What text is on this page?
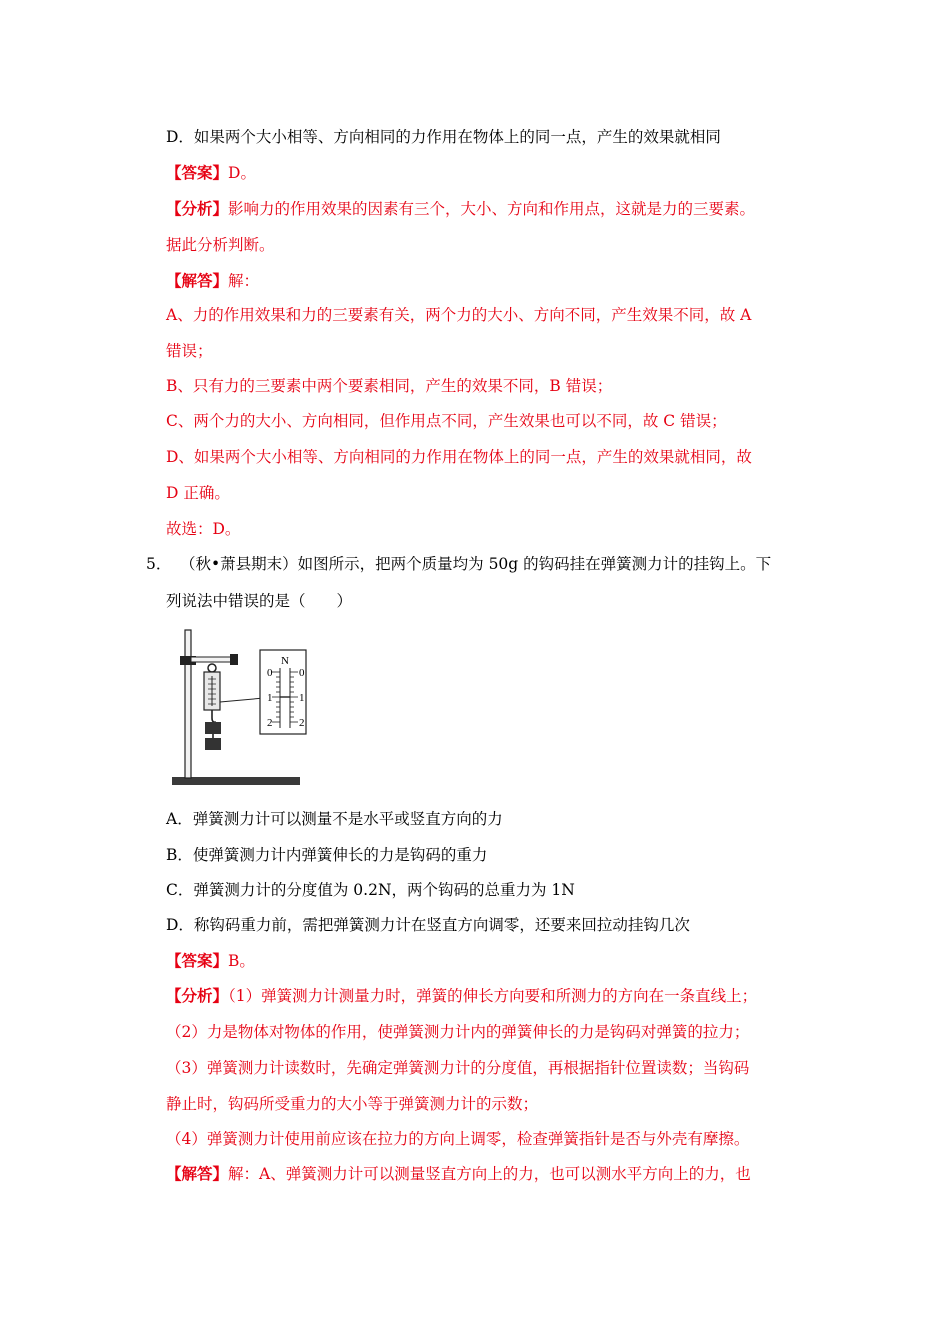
D．如果两个大小相等、方向相同的力作用在物体上的同一点，产生的效果就相同
【答案】D。
【分析】影响力的作用效果的因素有三个，大小、方向和作用点，这就是力的三要素。
据此分析判断。
【解答】解：
A、力的作用效果和力的三要素有关，两个力的大小、方向不同，产生效果不同，故 A
错误；
B、只有力的三要素中两个要素相同，产生的效果不同，B 错误；
C、两个力的大小、方向相同，但作用点不同，产生效果也可以不同，故 C 错误；
D、如果两个大小相等、方向相同的力作用在物体上的同一点，产生的效果就相同，故
D 正确。
故选：D。
5． （秋•萧县期末）如图所示，把两个质量均为 50g 的钩码挂在弹簧测力计的挂钩上。下
列说法中错误的是（　　）
N
0
1
2
0
1
2
A．弹簧测力计可以测量不是水平或竖直方向的力
B．使弹簧测力计内弹簧伸长的力是钩码的重力
C．弹簧测力计的分度值为 0.2N，两个钩码的总重力为 1N
D．称钩码重力前，需把弹簧测力计在竖直方向调零，还要来回拉动挂钩几次
【答案】B。
【分析】（1）弹簧测力计测量力时，弹簧的伸长方向要和所测力的方向在一条直线上；
（2）力是物体对物体的作用，使弹簧测力计内的弹簧伸长的力是钩码对弹簧的拉力；
（3）弹簧测力计读数时，先确定弹簧测力计的分度值，再根据指针位置读数；当钩码
静止时，钩码所受重力的大小等于弹簧测力计的示数；
（4）弹簧测力计使用前应该在拉力的方向上调零，检查弹簧指针是否与外壳有摩擦。
【解答】解：A、弹簧测力计可以测量竖直方向上的力，也可以测水平方向上的力，也
